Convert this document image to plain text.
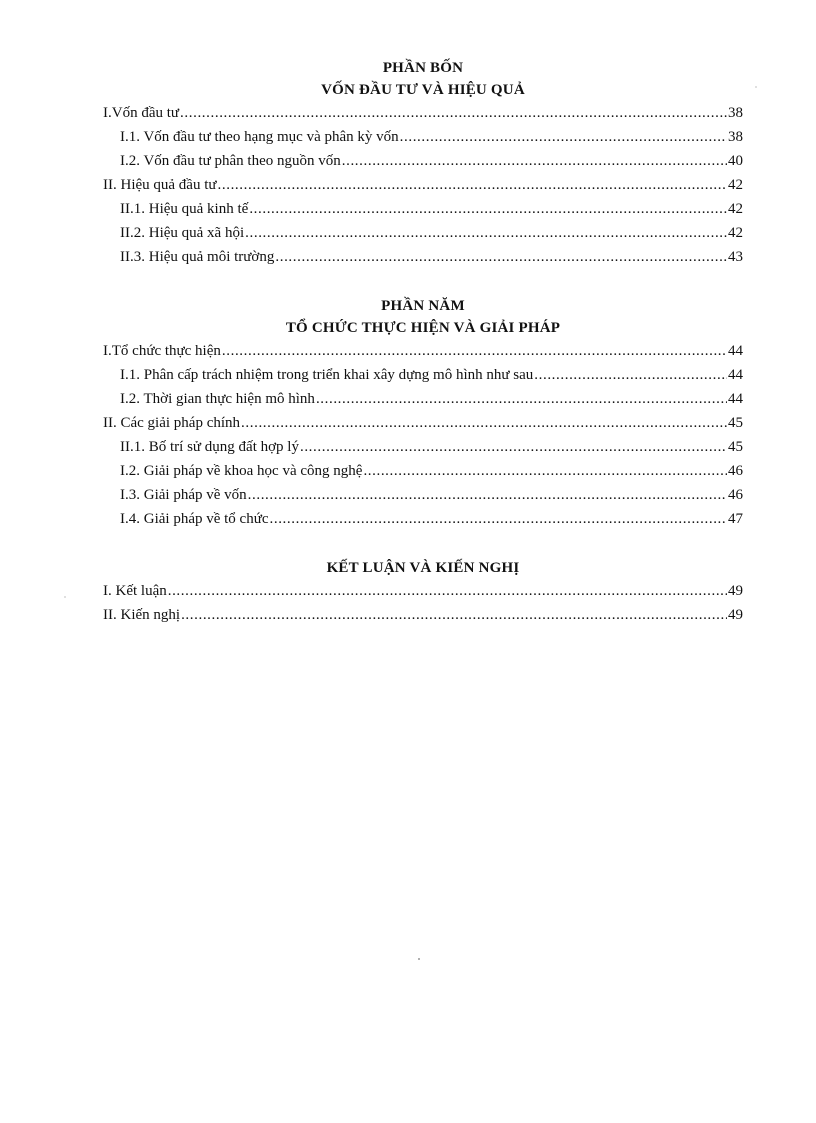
PHẦN BỐN
VỐN ĐẦU TƯ VÀ HIỆU QUẢ
I.Vốn đầu tư .....	38
I.1. Vốn đầu tư theo hạng mục và phân kỳ vốn .....	38
I.2. Vốn đầu tư phân theo nguồn vốn .....	40
II. Hiệu quả đầu tư .....	42
II.1. Hiệu quả kinh tế .....	42
II.2. Hiệu quả xã hội .....	42
II.3. Hiệu quả môi trường .....	43
PHẦN NĂM
TỔ CHỨC THỰC HIỆN VÀ GIẢI PHÁP
I.Tổ chức thực hiện .....	44
I.1. Phân cấp trách nhiệm trong triển khai xây dựng mô hình như sau .....	44
I.2. Thời gian thực hiện mô hình .....	44
II. Các giải pháp chính .....	45
II.1. Bố trí sử dụng đất hợp lý .....	45
I.2. Giải pháp về khoa học và công nghệ .....	46
I.3. Giải pháp về vốn .....	46
I.4. Giải pháp về tổ chức .....	47
KẾT LUẬN VÀ KIẾN NGHỊ
I. Kết luận .....	49
II. Kiến nghị .....	49
